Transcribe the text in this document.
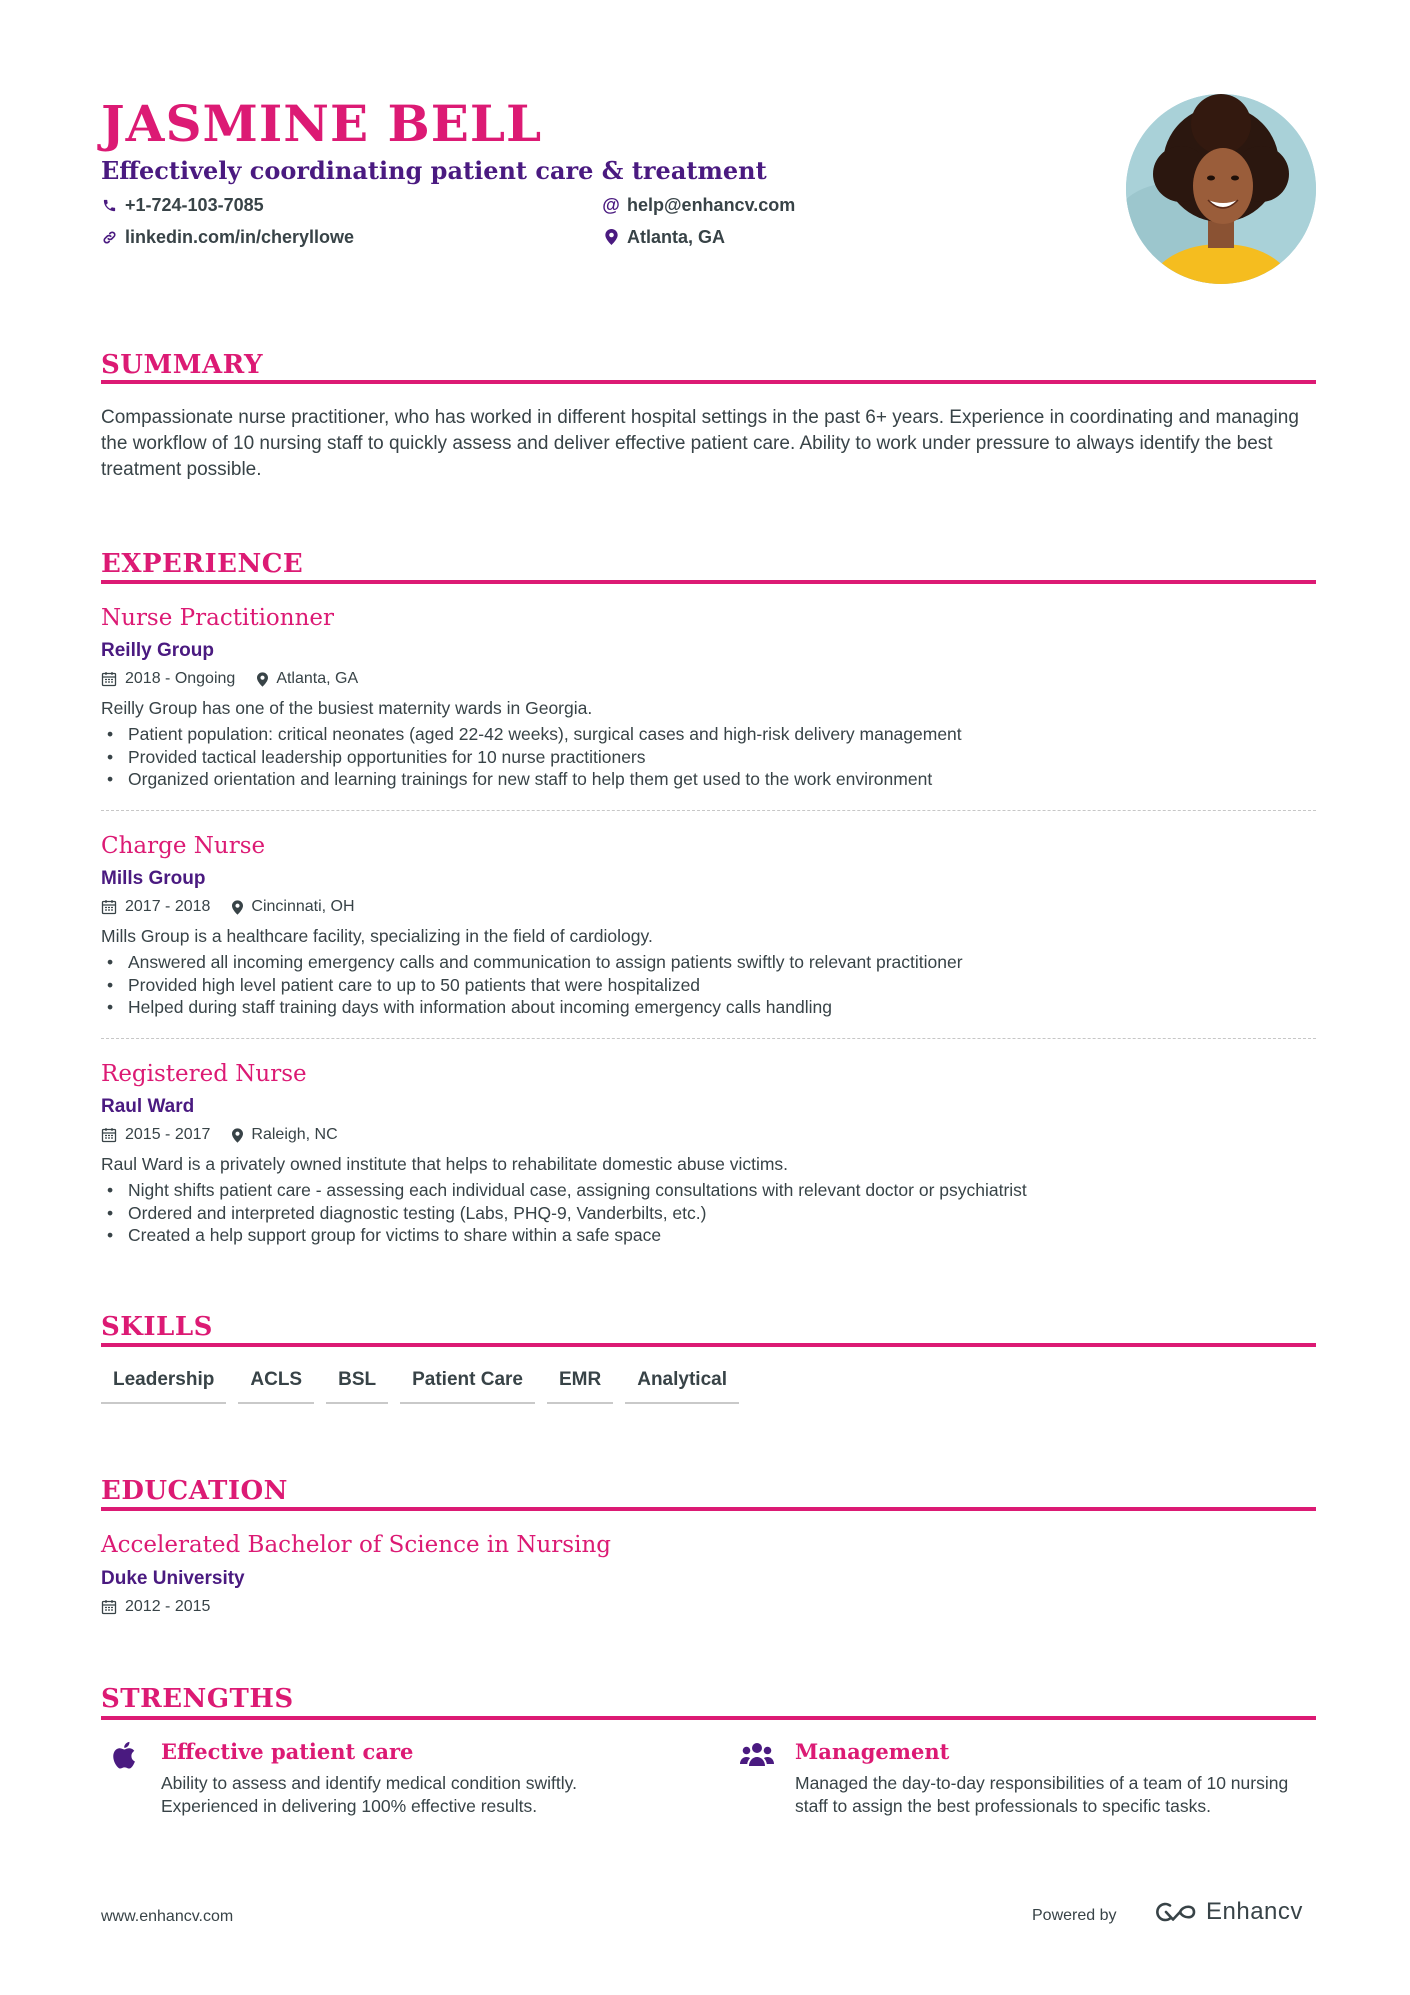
JASMINE BELL
Effectively coordinating patient care & treatment
+1-724-103-7085
linkedin.com/in/cheryllowe
@ help@enhancv.com
Atlanta, GA
SUMMARY
Compassionate nurse practitioner, who has worked in different hospital settings in the past 6+ years. Experience in coordinating and managing the workflow of 10 nursing staff to quickly assess and deliver effective patient care. Ability to work under pressure to always identify the best treatment possible.
EXPERIENCE
Nurse Practitionner
Reilly Group
2018 - Ongoing	Atlanta, GA
Reilly Group has one of the busiest maternity wards in Georgia.
• Patient population: critical neonates (aged 22-42 weeks), surgical cases and high-risk delivery management
• Provided tactical leadership opportunities for 10 nurse practitioners
• Organized orientation and learning trainings for new staff to help them get used to the work environment
Charge Nurse
Mills Group
2017 - 2018	Cincinnati, OH
Mills Group is a healthcare facility, specializing in the field of cardiology.
• Answered all incoming emergency calls and communication to assign patients swiftly to relevant practitioner
• Provided high level patient care to up to 50 patients that were hospitalized
• Helped during staff training days with information about incoming emergency calls handling
Registered Nurse
Raul Ward
2015 - 2017	Raleigh, NC
Raul Ward is a privately owned institute that helps to rehabilitate domestic abuse victims.
• Night shifts patient care - assessing each individual case, assigning consultations with relevant doctor or psychiatrist
• Ordered and interpreted diagnostic testing (Labs, PHQ-9, Vanderbilts, etc.)
• Created a help support group for victims to share within a safe space
SKILLS
Leadership	ACLS	BSL	Patient Care	EMR	Analytical
EDUCATION
Accelerated Bachelor of Science in Nursing
Duke University
2012 - 2015
STRENGTHS
Effective patient care
Ability to assess and identify medical condition swiftly. Experienced in delivering 100% effective results.
Management
Managed the day-to-day responsibilities of a team of 10 nursing staff to assign the best professionals to specific tasks.
www.enhancv.com	Powered by	Enhancv
